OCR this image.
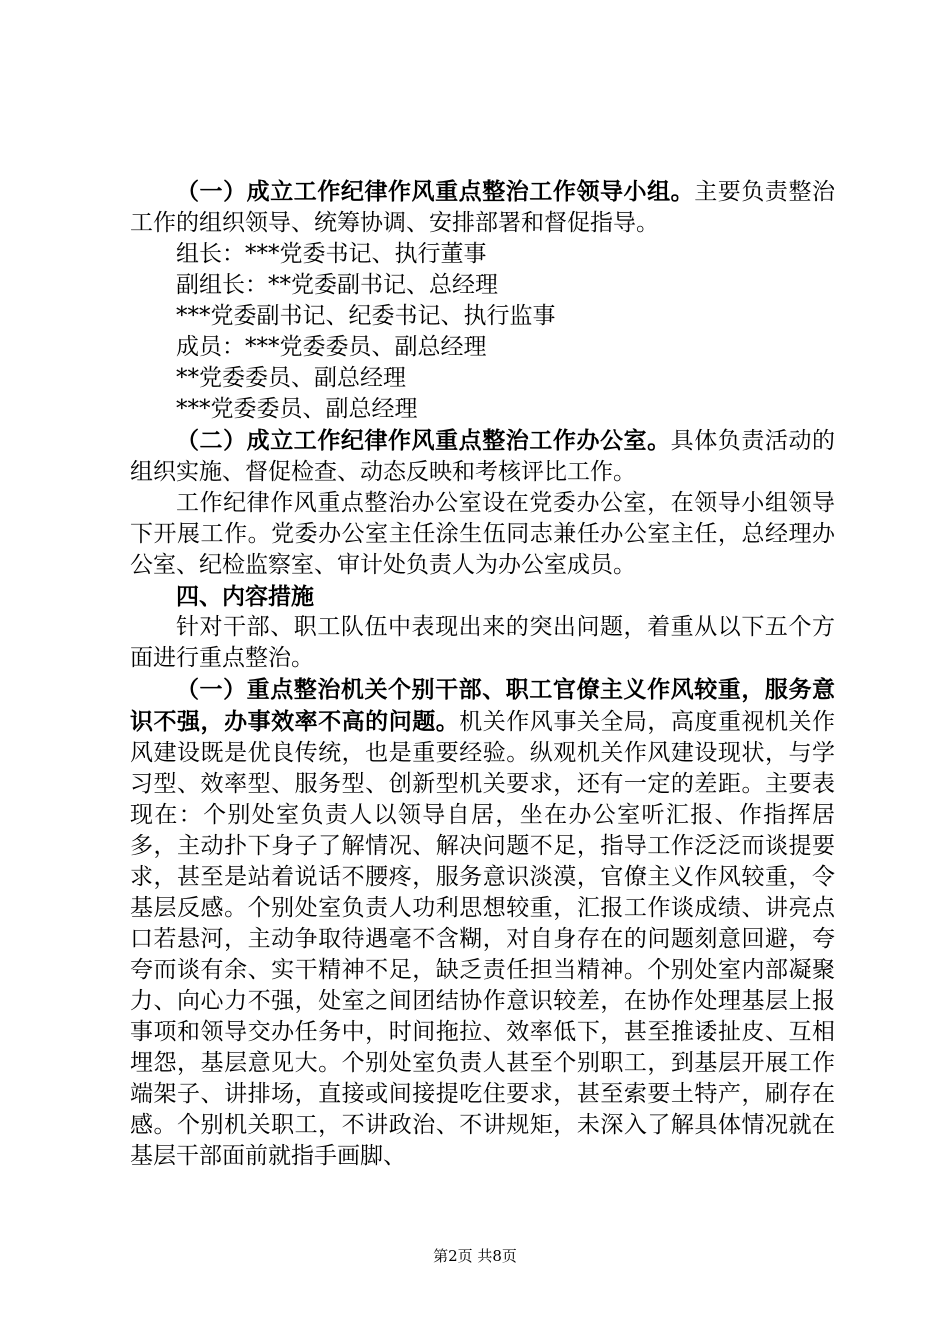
（一）成立工作纪律作风重点整治工作领导小组。主要负责整治工作的组织领导、统筹协调、安排部署和督促指导。

组长：***党委书记、执行董事

副组长：**党委副书记、总经理

***党委副书记、纪委书记、执行监事

成员：***党委委员、副总经理

**党委委员、副总经理

***党委委员、副总经理

（二）成立工作纪律作风重点整治工作办公室。具体负责活动的组织实施、督促检查、动态反映和考核评比工作。

工作纪律作风重点整治办公室设在党委办公室，在领导小组领导下开展工作。党委办公室主任涂生伍同志兼任办公室主任，总经理办公室、纪检监察室、审计处负责人为办公室成员。

四、内容措施

针对干部、职工队伍中表现出来的突出问题，着重从以下五个方面进行重点整治。

（一）重点整治机关个别干部、职工官僚主义作风较重，服务意识不强，办事效率不高的问题。机关作风事关全局，高度重视机关作风建设既是优良传统，也是重要经验。纵观机关作风建设现状，与学习型、效率型、服务型、创新型机关要求，还有一定的差距。主要表现在：个别处室负责人以领导自居，坐在办公室听汇报、作指挥居多，主动扑下身子了解情况、解决问题不足，指导工作泛泛而谈提要求，甚至是站着说话不腰疼，服务意识淡漠，官僚主义作风较重，令基层反感。个别处室负责人功利思想较重，汇报工作谈成绩、讲亮点口若悬河，主动争取待遇毫不含糊，对自身存在的问题刻意回避，夸夸而谈有余、实干精神不足，缺乏责任担当精神。个别处室内部凝聚力、向心力不强，处室之间团结协作意识较差，在协作处理基层上报事项和领导交办任务中，时间拖拉、效率低下，甚至推诿扯皮、互相埋怨，基层意见大。个别处室负责人甚至个别职工，到基层开展工作端架子、讲排场，直接或间接提吃住要求，甚至索要土特产，刷存在感。个别机关职工，不讲政治、不讲规矩，未深入了解具体情况就在基层干部面前就指手画脚、

第2页 共8页
